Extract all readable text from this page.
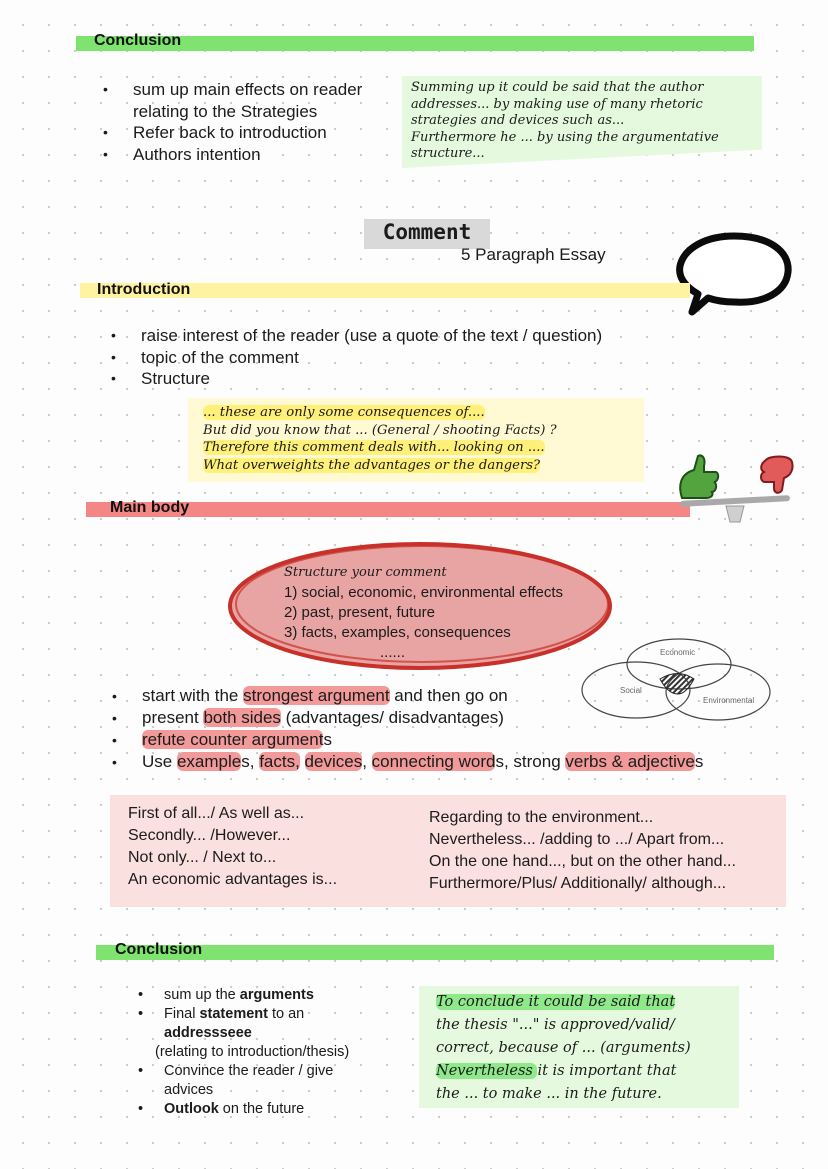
Conclusion
• sum up main effects on reader
relating to the Strategies
• Refer back to introduction
• Authors intention
Summing up it could be said that the author
addresses... by making use of many rhetoric
strategies and devices such as...
Furthermore he ... by using the argumentative
structure...
Comment
5 Paragraph Essay
Introduction
• raise interest of the reader (use a quote of the text / question)
• topic of the comment
• Structure
... these are only some consequences of....
But did you know that ... (General / shooting Facts) ?
Therefore this comment deals with... looking on ....
What overweights the advantages or the dangers?
Main body
Structure your comment
1) social, economic, environmental effects
2) past, present, future
3) facts, examples, consequences
......	Economic
Social
Environmental
• start with the strongest argument and then go on
• present both sides (advantages/ disadvantages)
• refute counter arguments
• Use examples, facts, devices, connecting words, strong verbs & adjectives
First of all.../ As well as...
Secondly... /However...
Not only... / Next to...
An economic advantages is...
Regarding to the environment...
Nevertheless... /adding to .../ Apart from...
On the one hand..., but on the other hand...
Furthermore/Plus/ Additionally/ although...
Conclusion
• sum up the arguments
• Final statement to an
addressseee
(relating to introduction/thesis)
• Convince the reader / give
advices
• Outlook on the future
To conclude it could be said that
the thesis "..." is approved/valid/
correct, because of ... (arguments)
Nevertheless it is important that
the ... to make ... in the future.
